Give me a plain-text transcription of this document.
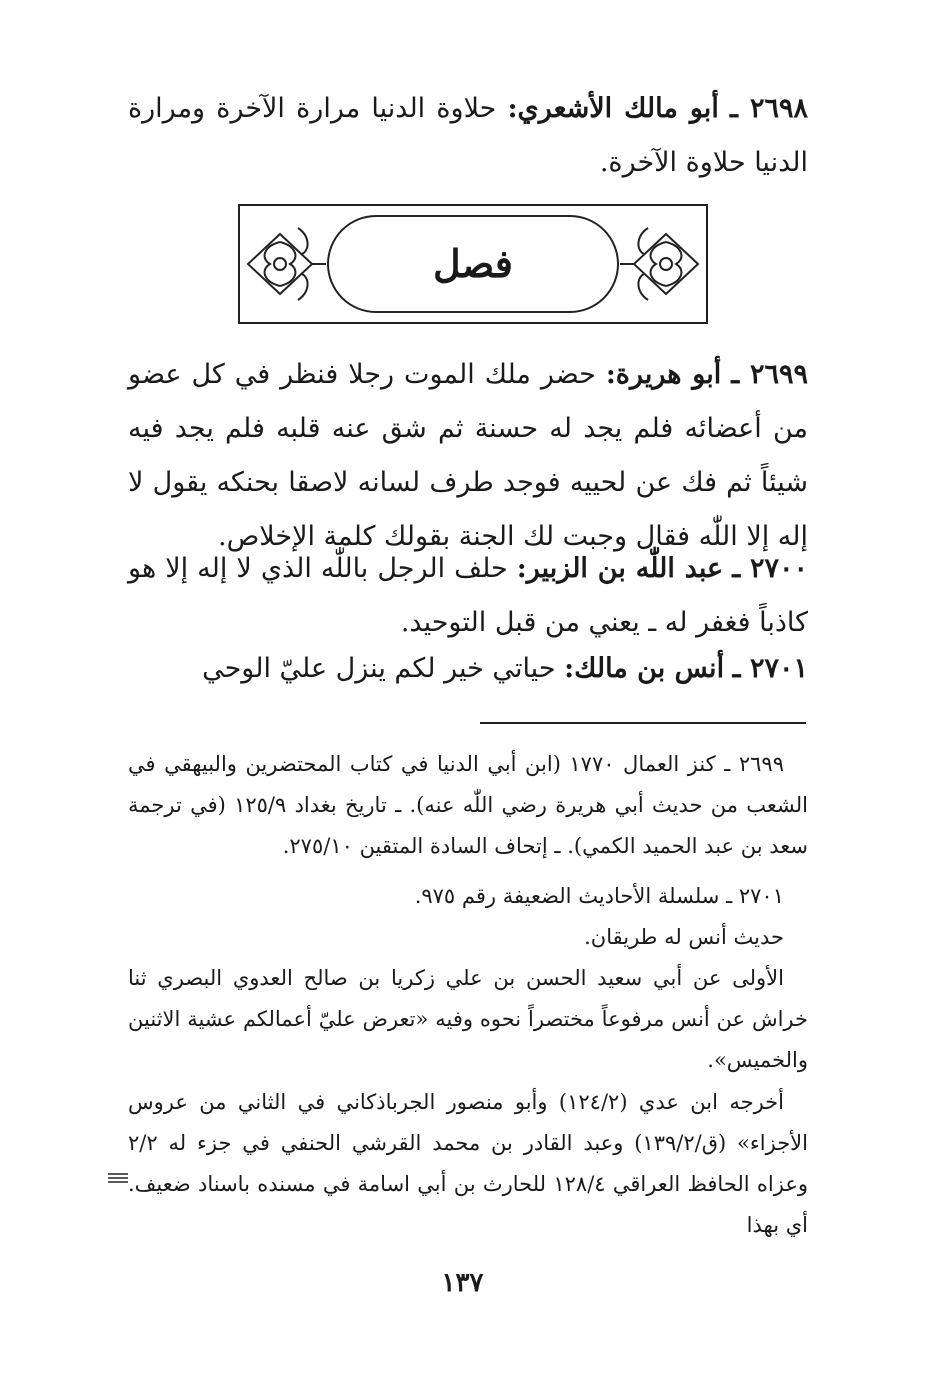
٢٦٩٨ ـ أبو مالك الأشعري: حلاوة الدنيا مرارة الآخرة ومرارة الدنيا حلاوة الآخرة.
فصل
٢٦٩٩ ـ أبو هريرة: حضر ملك الموت رجلا فنظر في كل عضو من أعضائه فلم يجد له حسنة ثم شق عنه قلبه فلم يجد فيه شيئاً ثم فك عن لحييه فوجد طرف لسانه لاصقا بحنكه يقول لا إله إلا اللّٰه فقال وجبت لك الجنة بقولك كلمة الإخلاص.
٢٧٠٠ ـ عبد اللّٰه بن الزبير: حلف الرجل باللّٰه الذي لا إله إلا هو كاذباً فغفر له ـ يعني من قبل التوحيد.
٢٧٠١ ـ أنس بن مالك: حياتي خير لكم ينزل عليّ الوحي
٢٦٩٩ ـ كنز العمال ١٧٧٠ (ابن أبي الدنيا في كتاب المحتضرين والبيهقي في الشعب من حديث أبي هريرة رضي اللّٰه عنه). ـ تاريخ بغداد ١٢٥/٩ (في ترجمة سعد بن عبد الحميد الكمي). ـ إتحاف السادة المتقين ٢٧٥/١٠.
٢٧٠١ ـ سلسلة الأحاديث الضعيفة رقم ٩٧٥.
حديث أنس له طريقان.
الأولى عن أبي سعيد الحسن بن علي زكريا بن صالح العدوي البصري ثنا خراش عن أنس مرفوعاً مختصراً نحوه وفيه «تعرض عليّ أعمالكم عشية الاثنين والخميس».
أخرجه ابن عدي (١٢٤/٢) وأبو منصور الجرباذكاني في الثاني من عروس الأجزاء» (ق/١٣٩/٢) وعبد القادر بن محمد القرشي الحنفي في جزء له ٢/٢ وعزاه الحافظ العراقي ١٢٨/٤ للحارث بن أبي اسامة في مسنده باسناد ضعيف. أي بهذا
١٣٧
